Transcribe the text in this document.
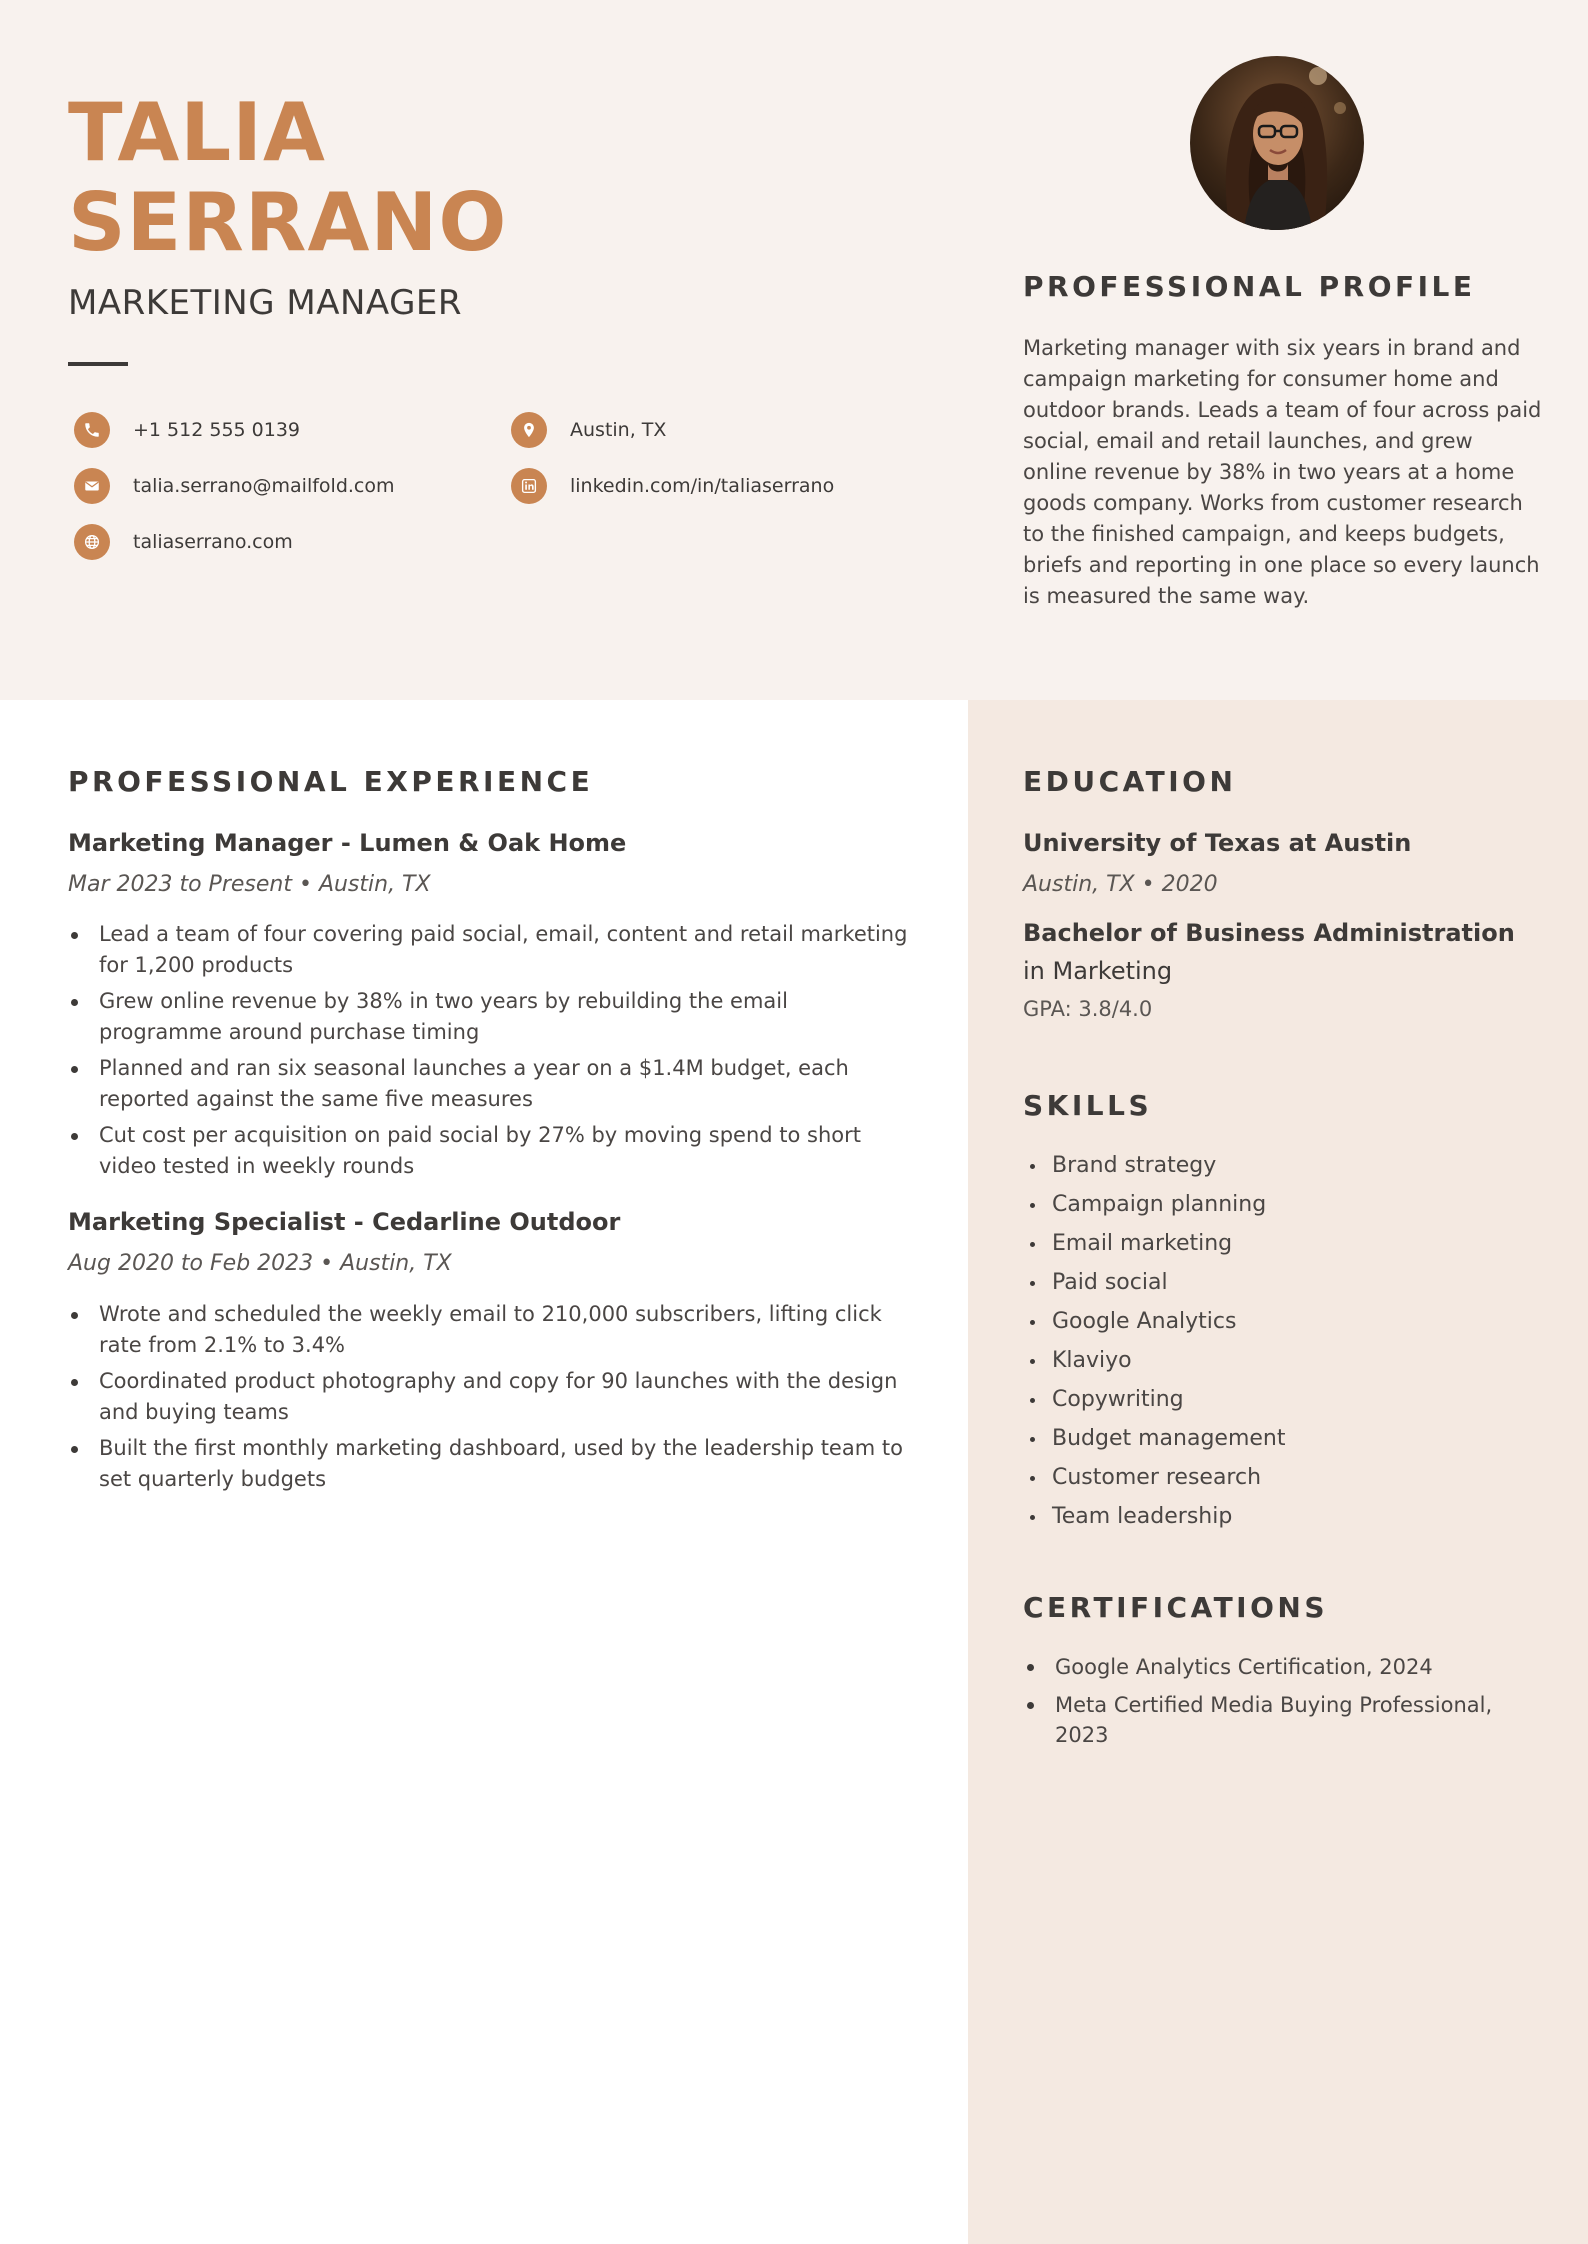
TALIA
SERRANO
MARKETING MANAGER
+1 512 555 0139
talia.serrano@mailfold.com
taliaserrano.com
Austin, TX
linkedin.com/in/taliaserrano
PROFESSIONAL PROFILE

Marketing manager with six years in brand and campaign marketing for consumer home and outdoor brands. Leads a team of four across paid social, email and retail launches, and grew online revenue by 38% in two years at a home goods company. Works from customer research to the finished campaign, and keeps budgets, briefs and reporting in one place so every launch is measured the same way.

PROFESSIONAL EXPERIENCE
Marketing Manager - Lumen & Oak Home

Mar 2023 to Present • Austin, TX

Lead a team of four covering paid social, email, content and retail marketing for 1,200 products
Grew online revenue by 38% in two years by rebuilding the email programme around purchase timing
Planned and ran six seasonal launches a year on a $1.4M budget, each reported against the same five measures
Cut cost per acquisition on paid social by 27% by moving spend to short video tested in weekly rounds
Marketing Specialist - Cedarline Outdoor

Aug 2020 to Feb 2023 • Austin, TX

Wrote and scheduled the weekly email to 210,000 subscribers, lifting click rate from 2.1% to 3.4%
Coordinated product photography and copy for 90 launches with the design and buying teams
Built the first monthly marketing dashboard, used by the leadership team to set quarterly budgets
EDUCATION

University of Texas at Austin

Austin, TX • 2020

Bachelor of Business Administration in Marketing

GPA: 3.8/4.0

SKILLS
Brand strategy
Campaign planning
Email marketing
Paid social
Google Analytics
Klaviyo
Copywriting
Budget management
Customer research
Team leadership
CERTIFICATIONS
Google Analytics Certification, 2024
Meta Certified Media Buying Professional, 2023
